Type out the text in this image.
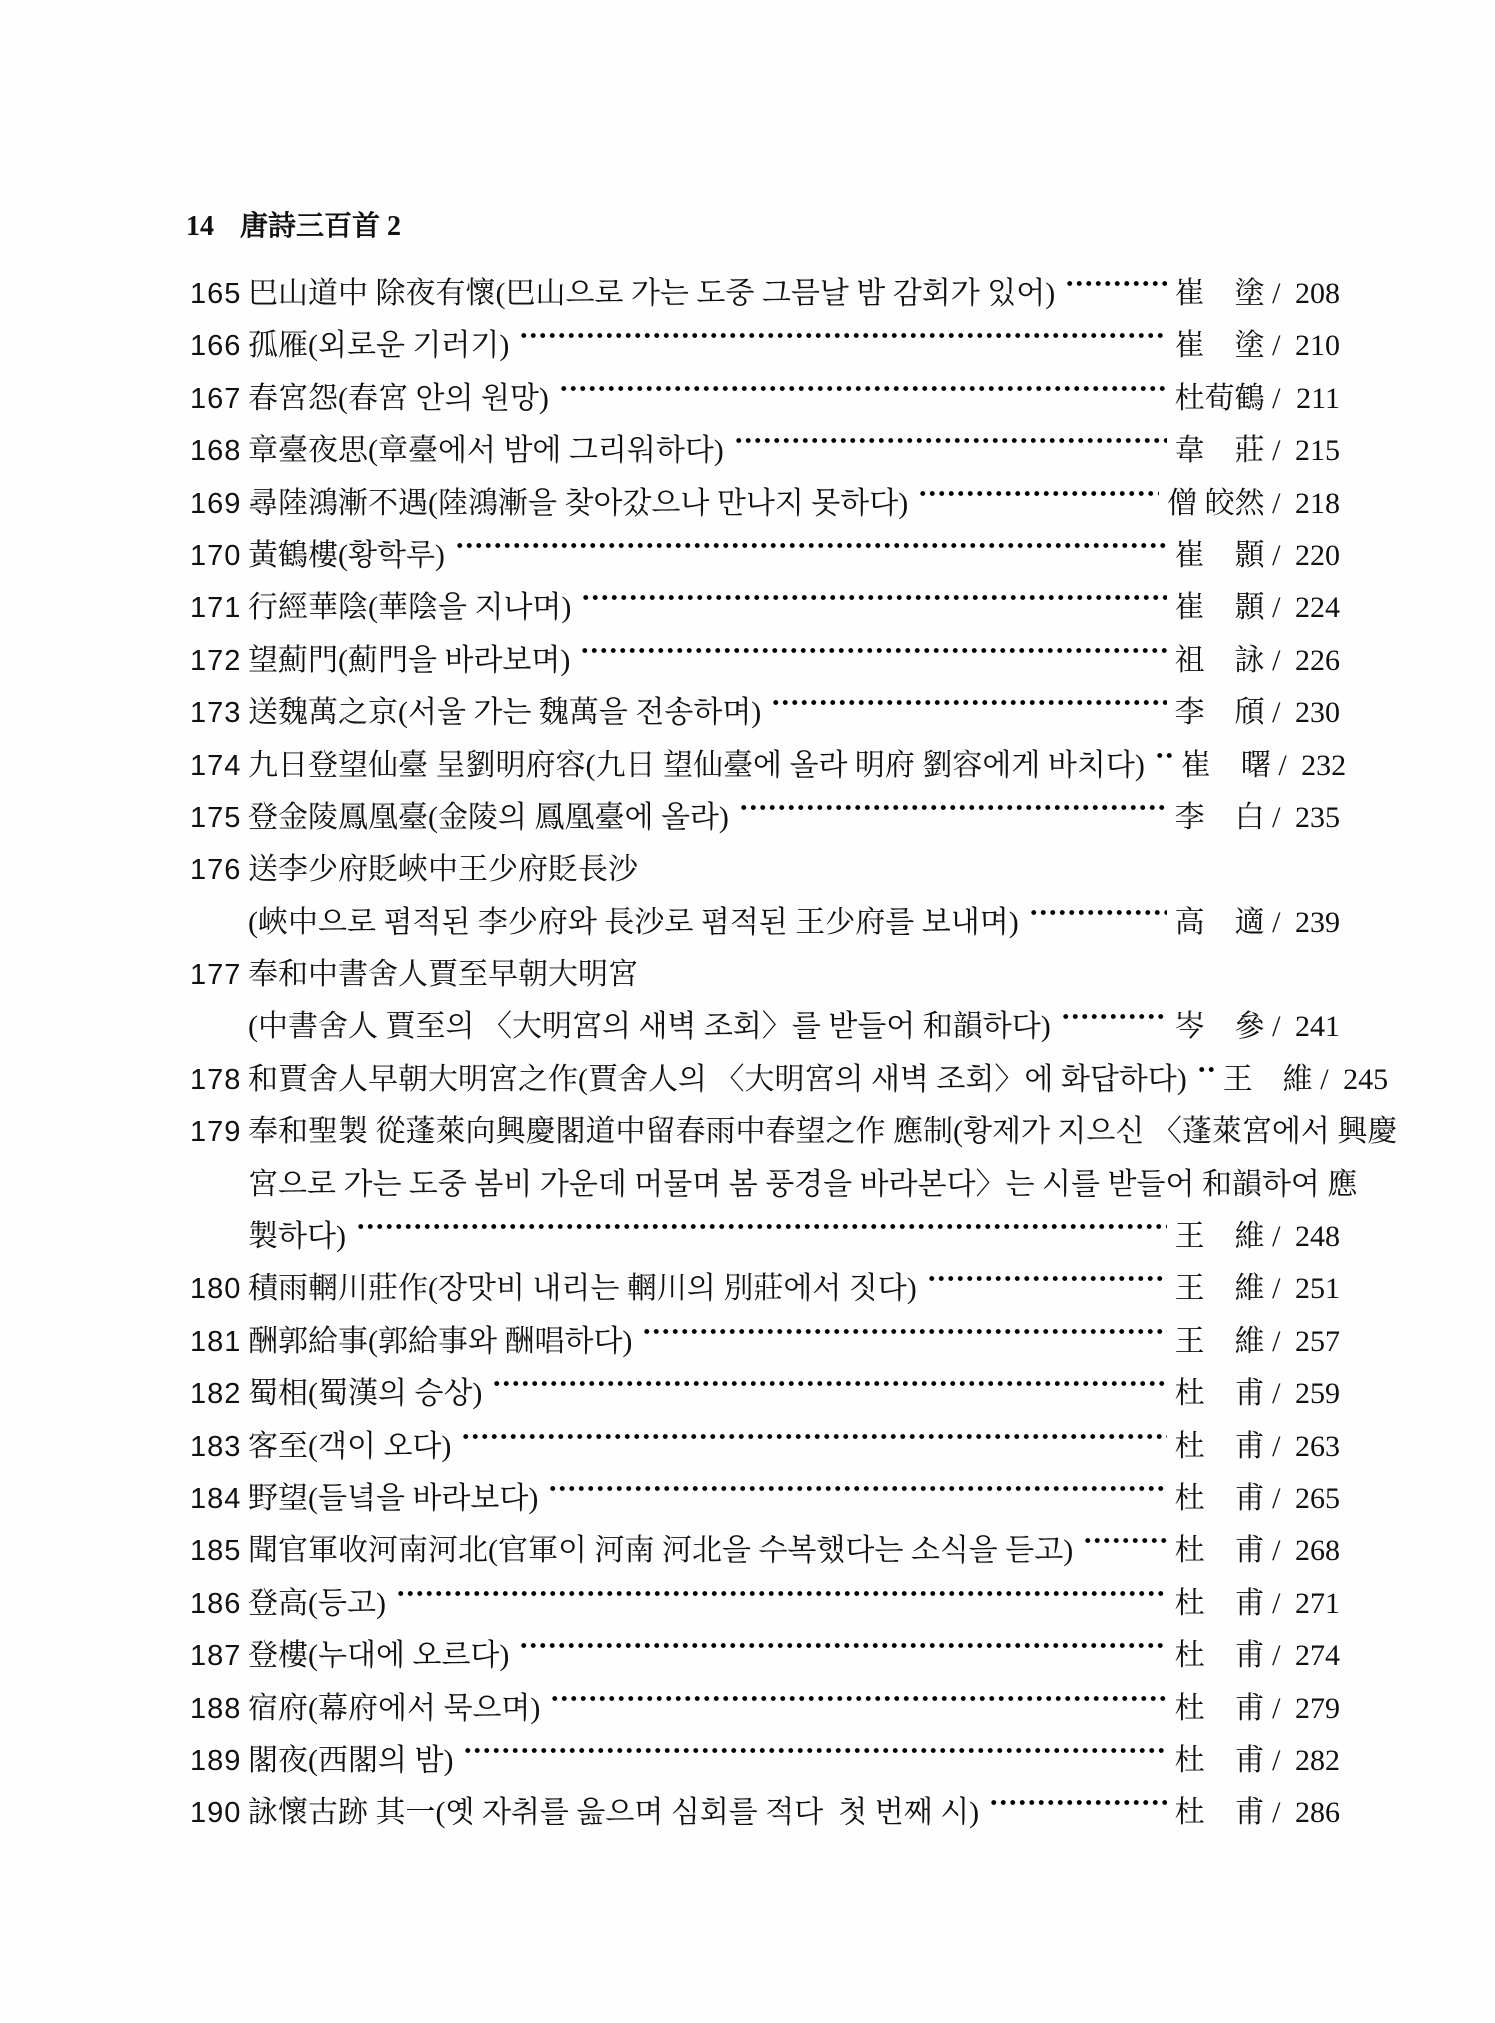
14 唐詩三百首 2

165 巴山道中 除夜有懷(巴山으로 가는 도중 그믐날 밤 감회가 있어)	崔　塗 / 208
166 孤雁(외로운 기러기)	崔　塗 / 210
167 春宮怨(春宮 안의 원망)	杜荀鶴 / 211
168 章臺夜思(章臺에서 밤에 그리워하다)	韋　莊 / 215
169 尋陸鴻漸不遇(陸鴻漸을 찾아갔으나 만나지 못하다)	僧 皎然 / 218
170 黃鶴樓(황학루)	崔　顥 / 220
171 行經華陰(華陰을 지나며)	崔　顥 / 224
172 望薊門(薊門을 바라보며)	祖　詠 / 226
173 送魏萬之京(서울 가는 魏萬을 전송하며)	李　頎 / 230
174 九日登望仙臺 呈劉明府容(九日 望仙臺에 올라 明府 劉容에게 바치다) 崔　曙 / 232
175 登金陵鳳凰臺(金陵의 鳳凰臺에 올라)	李　白 / 235
176 送李少府貶峽中王少府貶長沙
(峽中으로 폄적된 李少府와 長沙로 폄적된 王少府를 보내며)	高　適 / 239
177 奉和中書舍人賈至早朝大明宮
(中書舍人 賈至의 〈大明宮의 새벽 조회〉를 받들어 和韻하다)	岑　參 / 241
178 和賈舍人早朝大明宮之作(賈舍人의 〈大明宮의 새벽 조회〉에 화답하다) 王　維 / 245
179 奉和聖製 從蓬萊向興慶閣道中留春雨中春望之作 應制(황제가 지으신 〈蓬萊宮에서 興慶
宮으로 가는 도중 봄비 가운데 머물며 봄 풍경을 바라본다〉는 시를 받들어 和韻하여 應
製하다)	王　維 / 248
180 積雨輞川莊作(장맛비 내리는 輞川의 別莊에서 짓다)	王　維 / 251
181 酬郭給事(郭給事와 酬唱하다)	王　維 / 257
182 蜀相(蜀漢의 승상)	杜　甫 / 259
183 客至(객이 오다)	杜　甫 / 263
184 野望(들녘을 바라보다)	杜　甫 / 265
185 聞官軍收河南河北(官軍이 河南 河北을 수복했다는 소식을 듣고)	杜　甫 / 268
186 登高(등고)	杜　甫 / 271
187 登樓(누대에 오르다)	杜　甫 / 274
188 宿府(幕府에서 묵으며)	杜　甫 / 279
189 閣夜(西閣의 밤)	杜　甫 / 282
190 詠懷古跡 其一(옛 자취를 읊으며 심회를 적다  첫 번째 시)	杜　甫 / 286
